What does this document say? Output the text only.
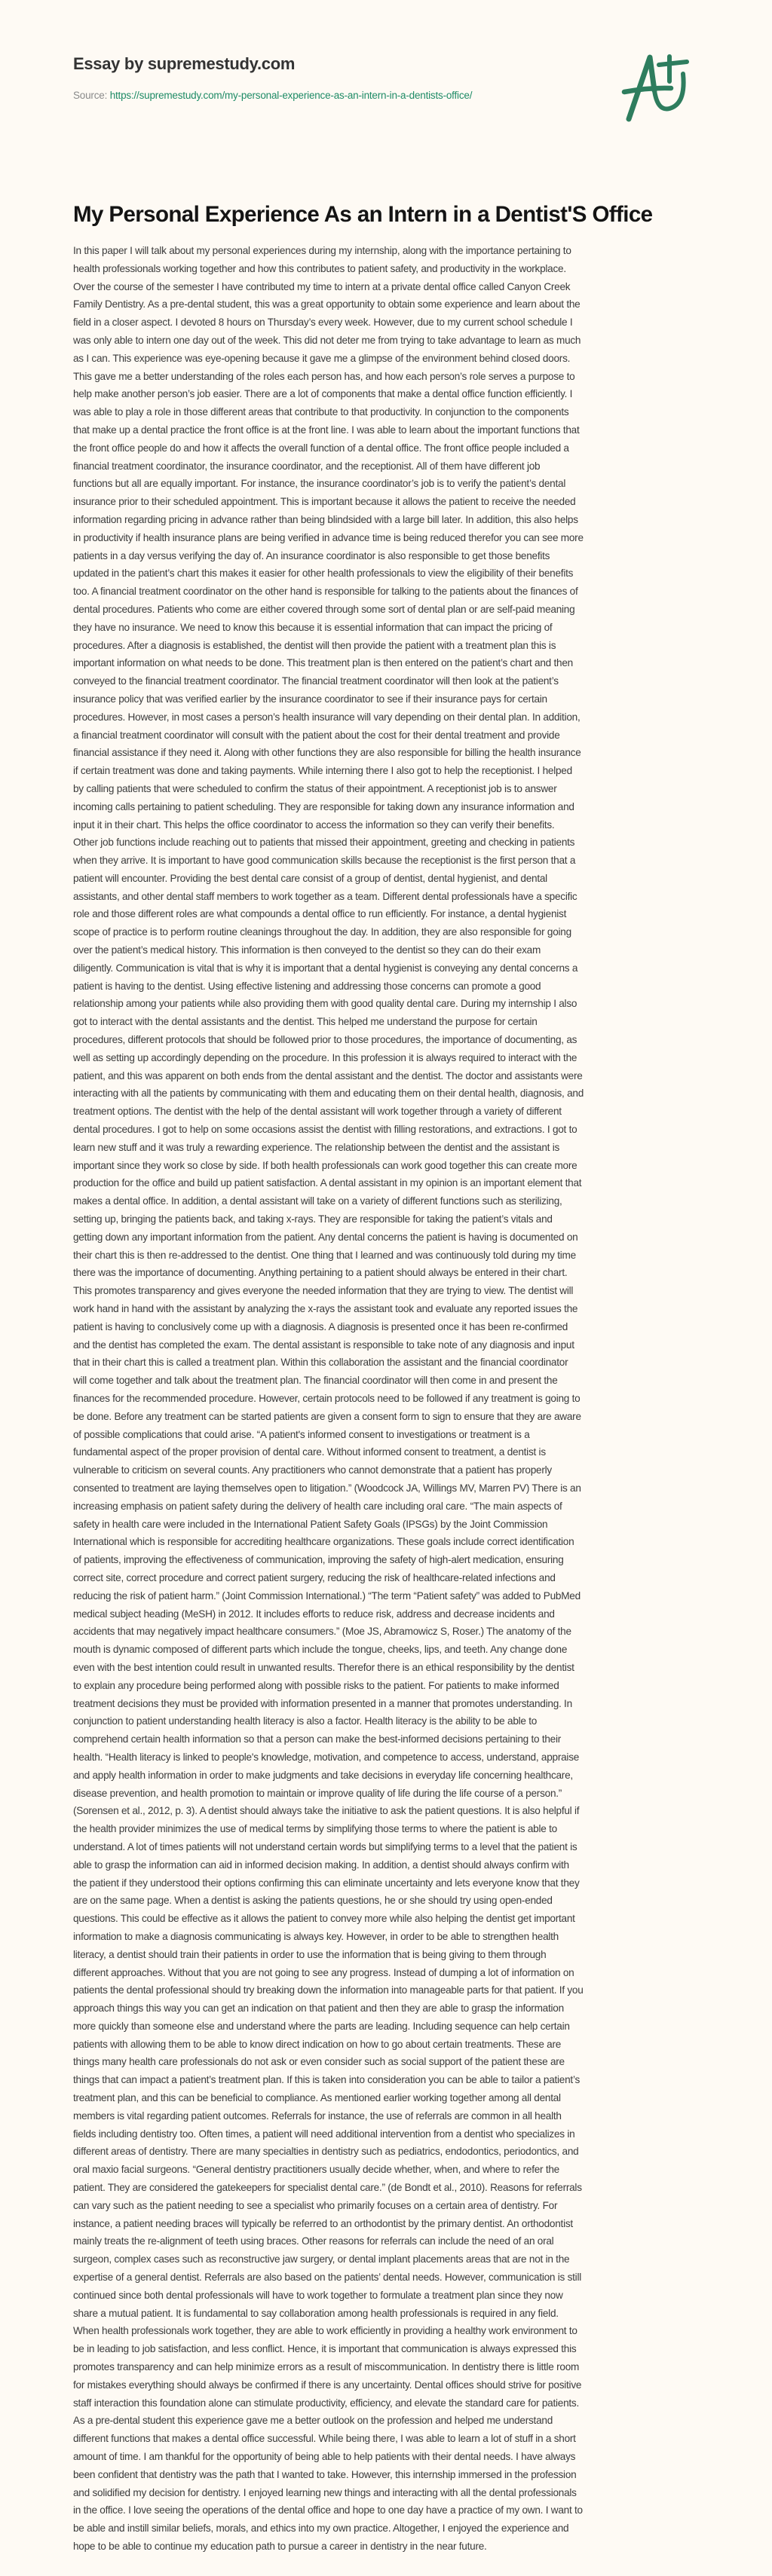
Essay by supremestudy.com
Source: https://supremestudy.com/my-personal-experience-as-an-intern-in-a-dentists-office/
My Personal Experience As an Intern in a Dentist'S Office
In this paper I will talk about my personal experiences during my internship, along with the importance pertaining to
health professionals working together and how this contributes to patient safety, and productivity in the workplace.
Over the course of the semester I have contributed my time to intern at a private dental office called Canyon Creek
Family Dentistry. As a pre-dental student, this was a great opportunity to obtain some experience and learn about the
field in a closer aspect. I devoted 8 hours on Thursday’s every week. However, due to my current school schedule I
was only able to intern one day out of the week. This did not deter me from trying to take advantage to learn as much
as I can. This experience was eye-opening because it gave me a glimpse of the environment behind closed doors.
This gave me a better understanding of the roles each person has, and how each person’s role serves a purpose to
help make another person’s job easier. There are a lot of components that make a dental office function efficiently. I
was able to play a role in those different areas that contribute to that productivity. In conjunction to the components
that make up a dental practice the front office is at the front line. I was able to learn about the important functions that
the front office people do and how it affects the overall function of a dental office. The front office people included a
financial treatment coordinator, the insurance coordinator, and the receptionist. All of them have different job
functions but all are equally important. For instance, the insurance coordinator’s job is to verify the patient’s dental
insurance prior to their scheduled appointment. This is important because it allows the patient to receive the needed
information regarding pricing in advance rather than being blindsided with a large bill later. In addition, this also helps
in productivity if health insurance plans are being verified in advance time is being reduced therefor you can see more
patients in a day versus verifying the day of. An insurance coordinator is also responsible to get those benefits
updated in the patient’s chart this makes it easier for other health professionals to view the eligibility of their benefits
too. A financial treatment coordinator on the other hand is responsible for talking to the patients about the finances of
dental procedures. Patients who come are either covered through some sort of dental plan or are self-paid meaning
they have no insurance. We need to know this because it is essential information that can impact the pricing of
procedures. After a diagnosis is established, the dentist will then provide the patient with a treatment plan this is
important information on what needs to be done. This treatment plan is then entered on the patient’s chart and then
conveyed to the financial treatment coordinator. The financial treatment coordinator will then look at the patient’s
insurance policy that was verified earlier by the insurance coordinator to see if their insurance pays for certain
procedures. However, in most cases a person’s health insurance will vary depending on their dental plan. In addition,
a financial treatment coordinator will consult with the patient about the cost for their dental treatment and provide
financial assistance if they need it. Along with other functions they are also responsible for billing the health insurance
if certain treatment was done and taking payments. While interning there I also got to help the receptionist. I helped
by calling patients that were scheduled to confirm the status of their appointment. A receptionist job is to answer
incoming calls pertaining to patient scheduling. They are responsible for taking down any insurance information and
input it in their chart. This helps the office coordinator to access the information so they can verify their benefits.
Other job functions include reaching out to patients that missed their appointment, greeting and checking in patients
when they arrive. It is important to have good communication skills because the receptionist is the first person that a
patient will encounter. Providing the best dental care consist of a group of dentist, dental hygienist, and dental
assistants, and other dental staff members to work together as a team. Different dental professionals have a specific
role and those different roles are what compounds a dental office to run efficiently. For instance, a dental hygienist
scope of practice is to perform routine cleanings throughout the day. In addition, they are also responsible for going
over the patient’s medical history. This information is then conveyed to the dentist so they can do their exam
diligently. Communication is vital that is why it is important that a dental hygienist is conveying any dental concerns a
patient is having to the dentist. Using effective listening and addressing those concerns can promote a good
relationship among your patients while also providing them with good quality dental care. During my internship I also
got to interact with the dental assistants and the dentist. This helped me understand the purpose for certain
procedures, different protocols that should be followed prior to those procedures, the importance of documenting, as
well as setting up accordingly depending on the procedure. In this profession it is always required to interact with the
patient, and this was apparent on both ends from the dental assistant and the dentist. The doctor and assistants were
interacting with all the patients by communicating with them and educating them on their dental health, diagnosis, and
treatment options. The dentist with the help of the dental assistant will work together through a variety of different
dental procedures. I got to help on some occasions assist the dentist with filling restorations, and extractions. I got to
learn new stuff and it was truly a rewarding experience. The relationship between the dentist and the assistant is
important since they work so close by side. If both health professionals can work good together this can create more
production for the office and build up patient satisfaction. A dental assistant in my opinion is an important element that
makes a dental office. In addition, a dental assistant will take on a variety of different functions such as sterilizing,
setting up, bringing the patients back, and taking x-rays. They are responsible for taking the patient’s vitals and
getting down any important information from the patient. Any dental concerns the patient is having is documented on
their chart this is then re-addressed to the dentist. One thing that I learned and was continuously told during my time
there was the importance of documenting. Anything pertaining to a patient should always be entered in their chart.
This promotes transparency and gives everyone the needed information that they are trying to view. The dentist will
work hand in hand with the assistant by analyzing the x-rays the assistant took and evaluate any reported issues the
patient is having to conclusively come up with a diagnosis. A diagnosis is presented once it has been re-confirmed
and the dentist has completed the exam. The dental assistant is responsible to take note of any diagnosis and input
that in their chart this is called a treatment plan. Within this collaboration the assistant and the financial coordinator
will come together and talk about the treatment plan. The financial coordinator will then come in and present the
finances for the recommended procedure. However, certain protocols need to be followed if any treatment is going to
be done. Before any treatment can be started patients are given a consent form to sign to ensure that they are aware
of possible complications that could arise. “A patient's informed consent to investigations or treatment is a
fundamental aspect of the proper provision of dental care. Without informed consent to treatment, a dentist is
vulnerable to criticism on several counts. Any practitioners who cannot demonstrate that a patient has properly
consented to treatment are laying themselves open to litigation.” (Woodcock JA, Willings MV, Marren PV) There is an
increasing emphasis on patient safety during the delivery of health care including oral care. “The main aspects of
safety in health care were included in the International Patient Safety Goals (IPSGs) by the Joint Commission
International which is responsible for accrediting healthcare organizations. These goals include correct identification
of patients, improving the effectiveness of communication, improving the safety of high-alert medication, ensuring
correct site, correct procedure and correct patient surgery, reducing the risk of healthcare-related infections and
reducing the risk of patient harm.” (Joint Commission International.) “The term “Patient safety” was added to PubMed
medical subject heading (MeSH) in 2012. It includes efforts to reduce risk, address and decrease incidents and
accidents that may negatively impact healthcare consumers.” (Moe JS, Abramowicz S, Roser.) The anatomy of the
mouth is dynamic composed of different parts which include the tongue, cheeks, lips, and teeth. Any change done
even with the best intention could result in unwanted results. Therefor there is an ethical responsibility by the dentist
to explain any procedure being performed along with possible risks to the patient. For patients to make informed
treatment decisions they must be provided with information presented in a manner that promotes understanding. In
conjunction to patient understanding health literacy is also a factor. Health literacy is the ability to be able to
comprehend certain health information so that a person can make the best-informed decisions pertaining to their
health. “Health literacy is linked to people's knowledge, motivation, and competence to access, understand, appraise
and apply health information in order to make judgments and take decisions in everyday life concerning healthcare,
disease prevention, and health promotion to maintain or improve quality of life during the life course of a person.”
(Sorensen et al., 2012, p. 3). A dentist should always take the initiative to ask the patient questions. It is also helpful if
the health provider minimizes the use of medical terms by simplifying those terms to where the patient is able to
understand. A lot of times patients will not understand certain words but simplifying terms to a level that the patient is
able to grasp the information can aid in informed decision making. In addition, a dentist should always confirm with
the patient if they understood their options confirming this can eliminate uncertainty and lets everyone know that they
are on the same page. When a dentist is asking the patients questions, he or she should try using open-ended
questions. This could be effective as it allows the patient to convey more while also helping the dentist get important
information to make a diagnosis communicating is always key. However, in order to be able to strengthen health
literacy, a dentist should train their patients in order to use the information that is being giving to them through
different approaches. Without that you are not going to see any progress. Instead of dumping a lot of information on
patients the dental professional should try breaking down the information into manageable parts for that patient. If you
approach things this way you can get an indication on that patient and then they are able to grasp the information
more quickly than someone else and understand where the parts are leading. Including sequence can help certain
patients with allowing them to be able to know direct indication on how to go about certain treatments. These are
things many health care professionals do not ask or even consider such as social support of the patient these are
things that can impact a patient’s treatment plan. If this is taken into consideration you can be able to tailor a patient’s
treatment plan, and this can be beneficial to compliance. As mentioned earlier working together among all dental
members is vital regarding patient outcomes. Referrals for instance, the use of referrals are common in all health
fields including dentistry too. Often times, a patient will need additional intervention from a dentist who specializes in
different areas of dentistry. There are many specialties in dentistry such as pediatrics, endodontics, periodontics, and
oral maxio facial surgeons. “General dentistry practitioners usually decide whether, when, and where to refer the
patient. They are considered the gatekeepers for specialist dental care.” (de Bondt et al., 2010). Reasons for referrals
can vary such as the patient needing to see a specialist who primarily focuses on a certain area of dentistry. For
instance, a patient needing braces will typically be referred to an orthodontist by the primary dentist. An orthodontist
mainly treats the re-alignment of teeth using braces. Other reasons for referrals can include the need of an oral
surgeon, complex cases such as reconstructive jaw surgery, or dental implant placements areas that are not in the
expertise of a general dentist. Referrals are also based on the patients’ dental needs. However, communication is still
continued since both dental professionals will have to work together to formulate a treatment plan since they now
share a mutual patient. It is fundamental to say collaboration among health professionals is required in any field.
When health professionals work together, they are able to work efficiently in providing a healthy work environment to
be in leading to job satisfaction, and less conflict. Hence, it is important that communication is always expressed this
promotes transparency and can help minimize errors as a result of miscommunication. In dentistry there is little room
for mistakes everything should always be confirmed if there is any uncertainty. Dental offices should strive for positive
staff interaction this foundation alone can stimulate productivity, efficiency, and elevate the standard care for patients.
As a pre-dental student this experience gave me a better outlook on the profession and helped me understand
different functions that makes a dental office successful. While being there, I was able to learn a lot of stuff in a short
amount of time. I am thankful for the opportunity of being able to help patients with their dental needs. I have always
been confident that dentistry was the path that I wanted to take. However, this internship immersed in the profession
and solidified my decision for dentistry. I enjoyed learning new things and interacting with all the dental professionals
in the office. I love seeing the operations of the dental office and hope to one day have a practice of my own. I want to
be able and instill similar beliefs, morals, and ethics into my own practice. Altogether, I enjoyed the experience and
hope to be able to continue my education path to pursue a career in dentistry in the near future.
